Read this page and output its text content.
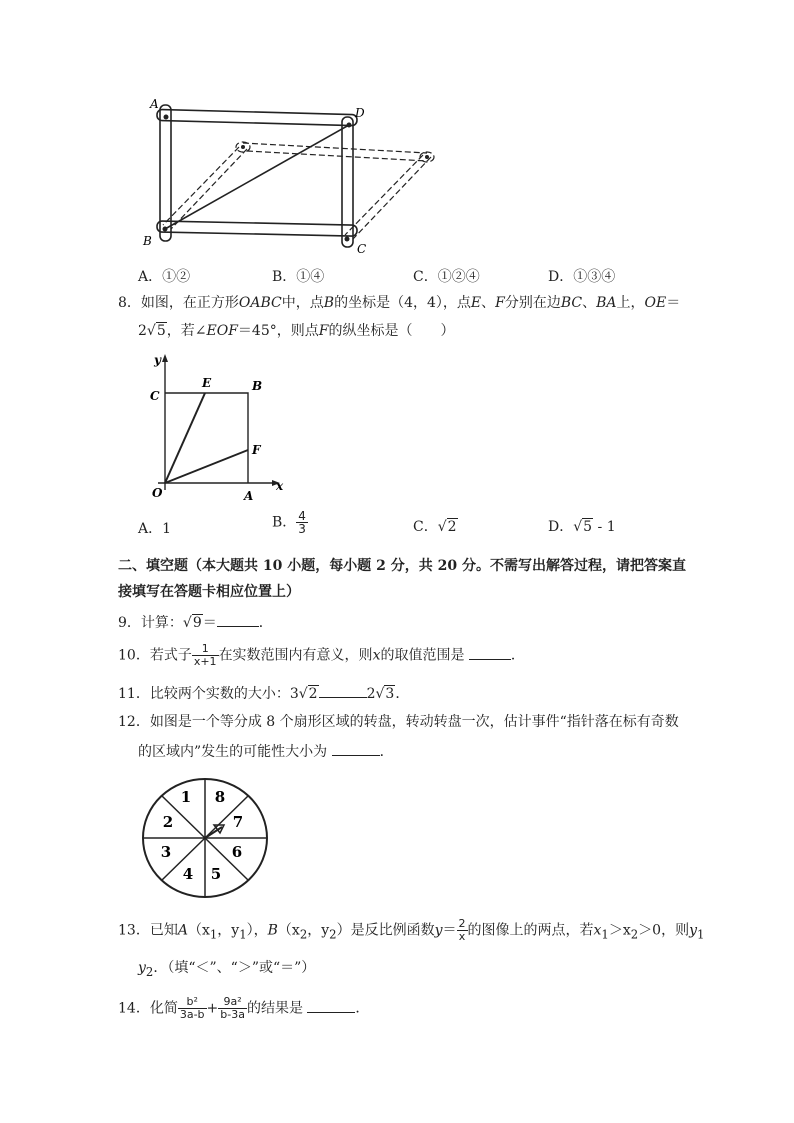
A
D
B
C
A．①②	B．①④	C．①②④	D．①③④
8．如图，在正方形OABC中，点B的坐标是（4，4），点E、F分别在边BC、BA上，OE＝
2√5，若∠EOF＝45°，则点F的纵坐标是（　　）
y
C
E	B
F
O	A
x
A．1	B． $\frac{4}{3}$	C．√2	D．√5 - 1
二、填空题（本大题共 10 小题，每小题 2 分，共 20 分。不需写出解答过程，请把答案直
接填写在答题卡相应位置上）
9．计算：√9＝	．
10．若式子 $\frac{1}{x+1}$ 在实数范围内有意义，则x的取值范围是	．
11．比较两个实数的大小：3√2	2√3．
12．如图是一个等分成 8 个扇形区域的转盘，转动转盘一次，估计事件“指针落在标有奇数
的区域内”发生的可能性大小为	．
1 8
7
6
5
4
3
2
13．已知$A(x_1$，$y_1$），$B(x_2$，$y_2$）是反比例函数$y= \frac{2}{x}$ 的图像上的两点，若$x_1>x_2>0$，则$y_1$
$y_2$．（填“＜”、“＞”或“＝”）
14．化简 $\frac{\text{b²}}{3a-b} + \frac{\text{9a²}}{b-3a}$ 的结果是	．
